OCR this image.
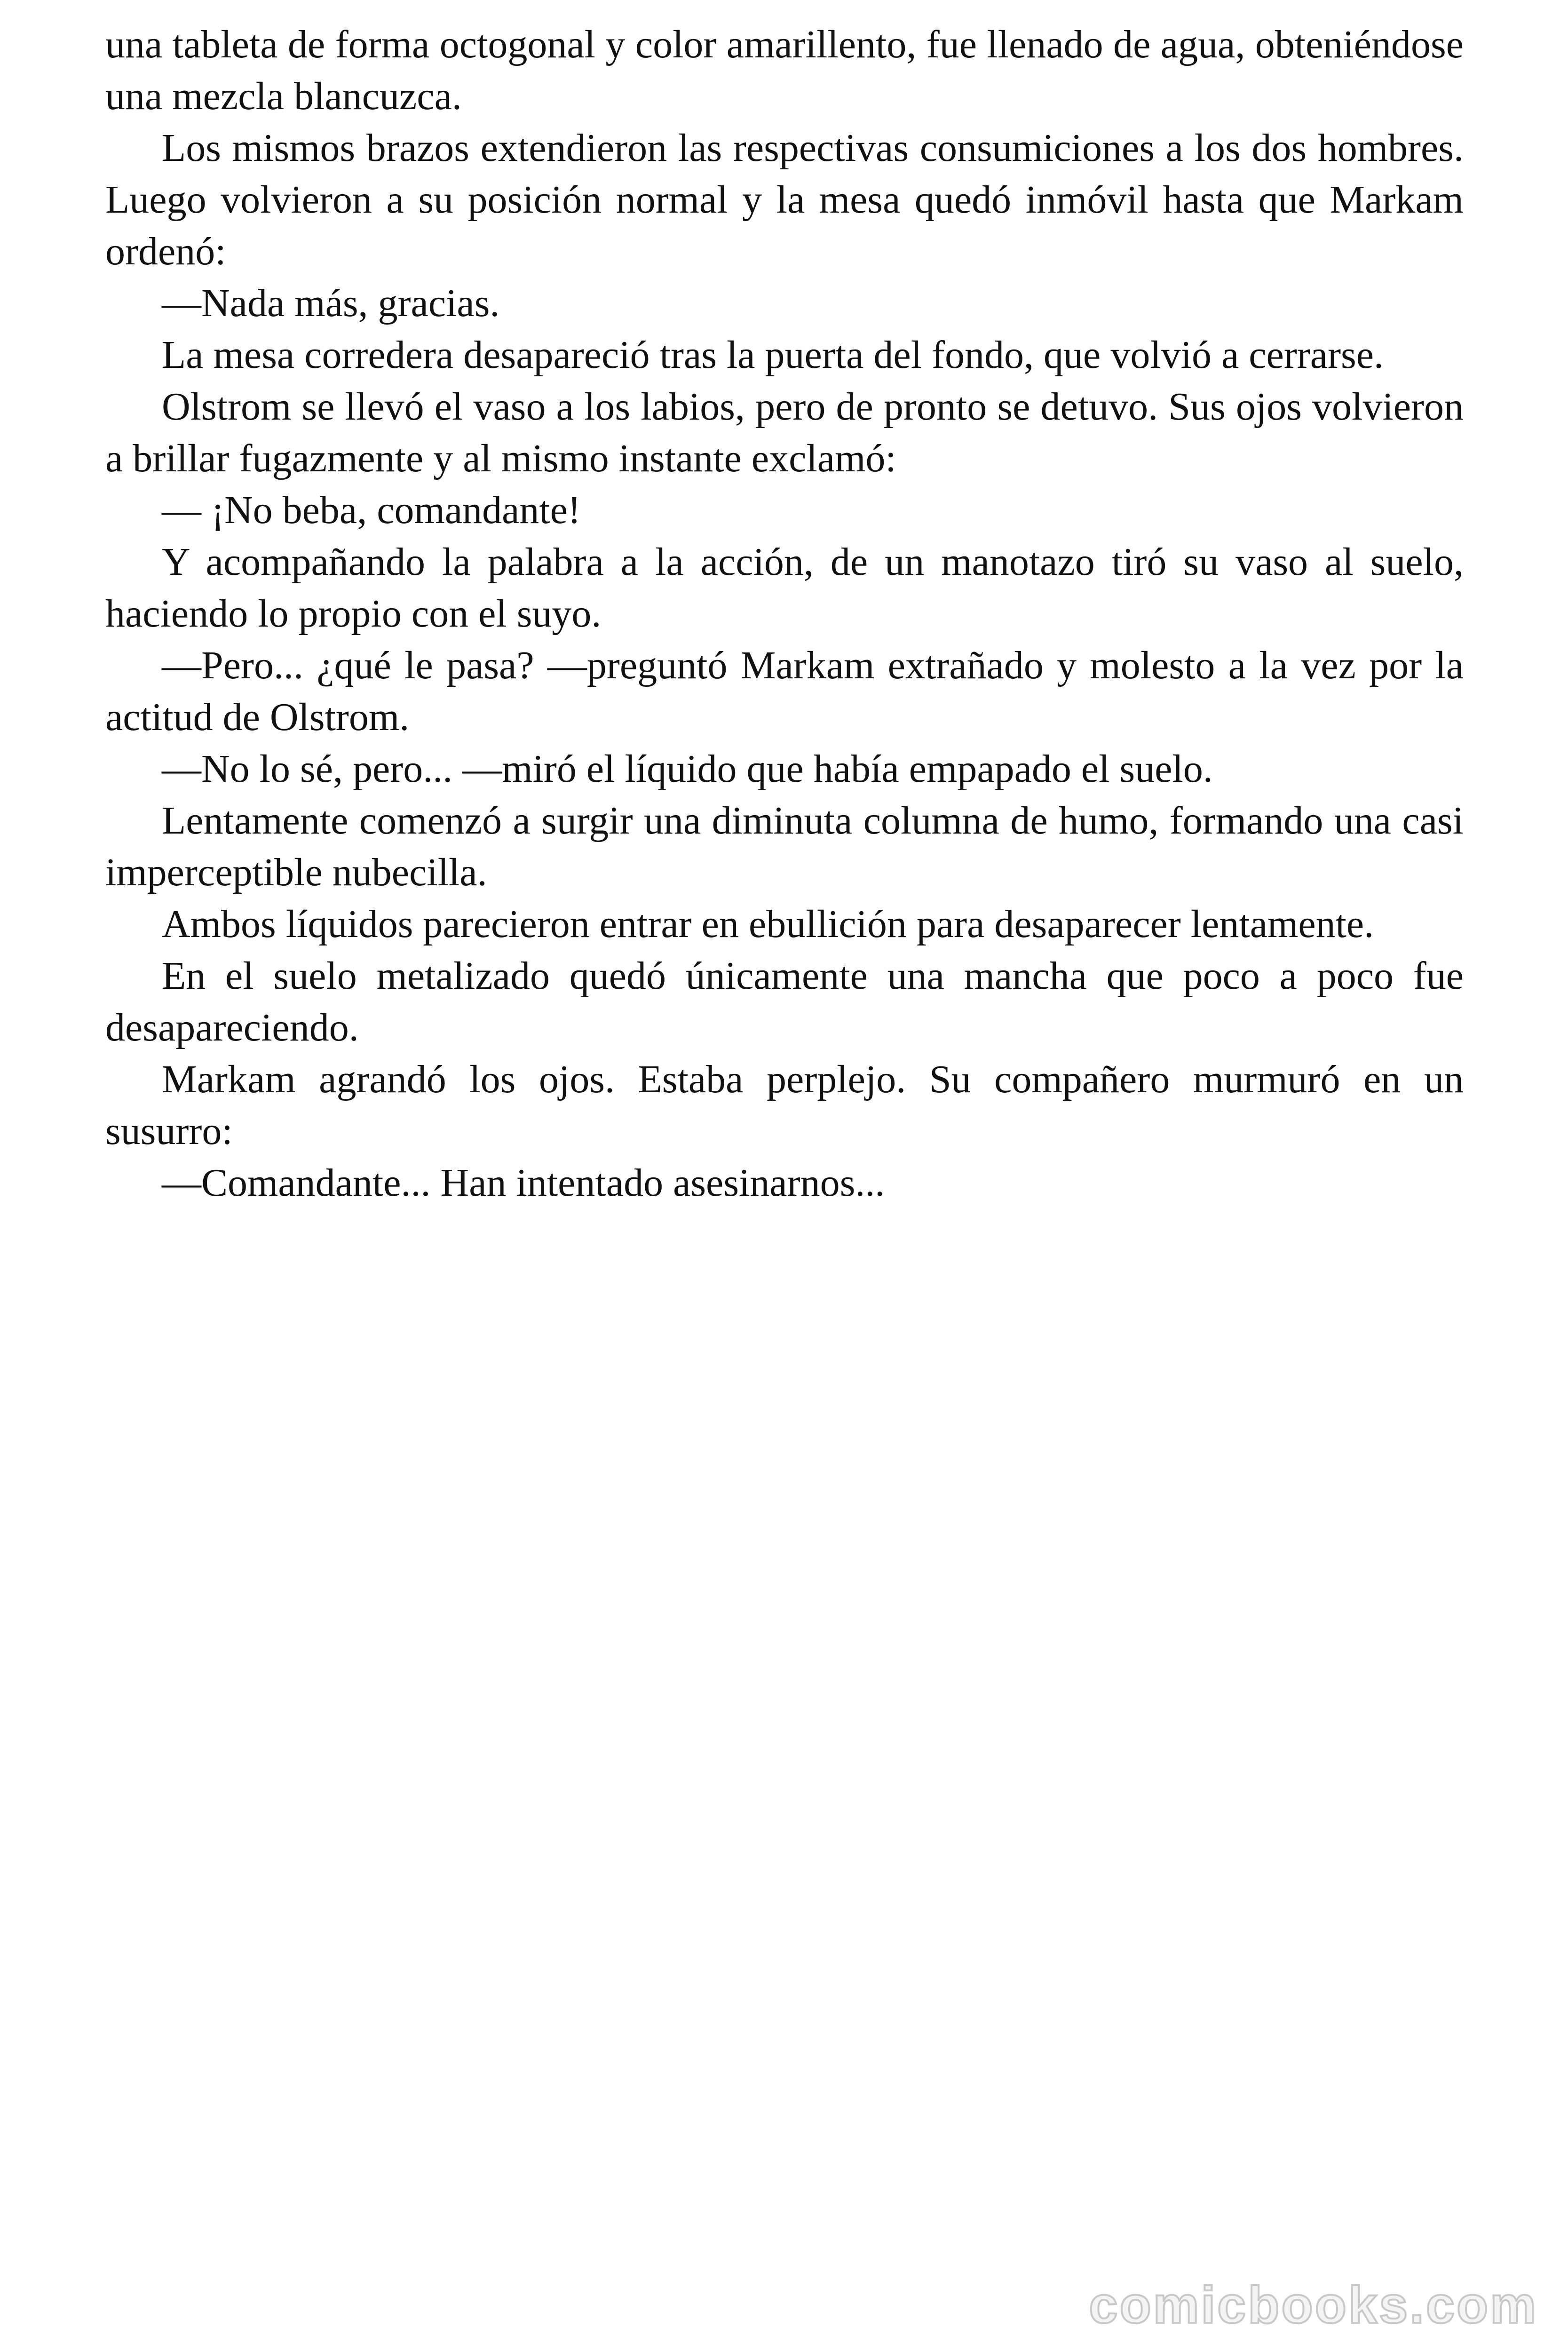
una tableta de forma octogonal y color amarillento, fue llenado de agua, obteniéndose una mezcla blancuzca.

Los mismos brazos extendieron las respectivas consumiciones a los dos hombres. Luego volvieron a su posición normal y la mesa quedó inmóvil hasta que Markam ordenó:

—Nada más, gracias.

La mesa corredera desapareció tras la puerta del fondo, que volvió a cerrarse.

Olstrom se llevó el vaso a los labios, pero de pronto se detuvo. Sus ojos volvieron a brillar fugazmente y al mismo instante exclamó:

— ¡No beba, comandante!

Y acompañando la palabra a la acción, de un manotazo tiró su vaso al suelo, haciendo lo propio con el suyo.

—Pero... ¿qué le pasa? —preguntó Markam extrañado y molesto a la vez por la actitud de Olstrom.

—No lo sé, pero... —miró el líquido que había empapado el suelo.

Lentamente comenzó a surgir una diminuta columna de humo, formando una casi imperceptible nubecilla.

Ambos líquidos parecieron entrar en ebullición para desaparecer lentamente.

En el suelo metalizado quedó únicamente una mancha que poco a poco fue desapareciendo.

Markam agrandó los ojos. Estaba perplejo. Su compañero murmuró en un susurro:

—Comandante... Han intentado asesinarnos...

comicbooks.com
